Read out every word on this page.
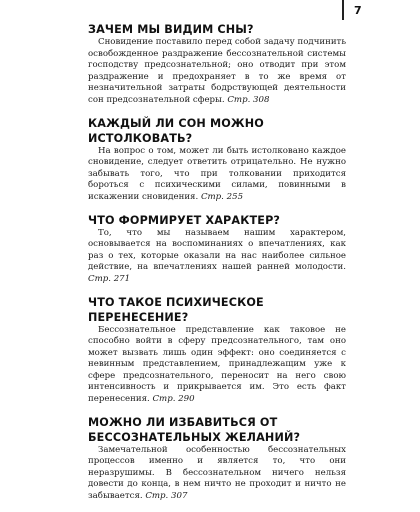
7
ЗАЧЕМ МЫ ВИДИМ СНЫ?

Сновидение поставило перед собой задачу подчинить освобожденное раздражение бессознательной системы господству предсознательной; оно отводит при этом раздражение и предохраняет в то же время от незначительной затраты бодрствующей деятельности сон предсознательной сферы. Стр. 308

КАЖДЫЙ ЛИ СОН МОЖНО ИСТОЛКОВАТЬ?

На вопрос о том, может ли быть истолковано каждое сновидение, следует ответить отрицательно. Не нужно забывать того, что при толковании приходится бороться с психическими силами, повинными в искажении сновидения. Стр. 255

ЧТО ФОРМИРУЕТ ХАРАКТЕР?

То, что мы называем нашим характером, основывается на воспоминаниях о впечатлениях, как раз о тех, которые оказали на нас наиболее сильное действие, на впечатлениях нашей ранней молодости. Стр. 271

ЧТО ТАКОЕ ПСИХИЧЕСКОЕ ПЕРЕНЕСЕНИЕ?

Бессознательное представление как таковое не способно войти в сферу предсознательного, там оно может вызвать лишь один эффект: оно соединяется с невинным представлением, принадлежащим уже к сфере предсознательного, переносит на него свою интенсивность и прикрывается им. Это есть факт перенесения. Стр. 290

МОЖНО ЛИ ИЗБАВИТЬСЯ ОТ БЕССОЗНАТЕЛЬНЫХ ЖЕЛАНИЙ?

Замечательной особенностью бессознательных процессов именно и является то, что они неразрушимы. В бессознательном ничего нельзя довести до конца, в нем ничто не проходит и ничто не забывается. Стр. 307
